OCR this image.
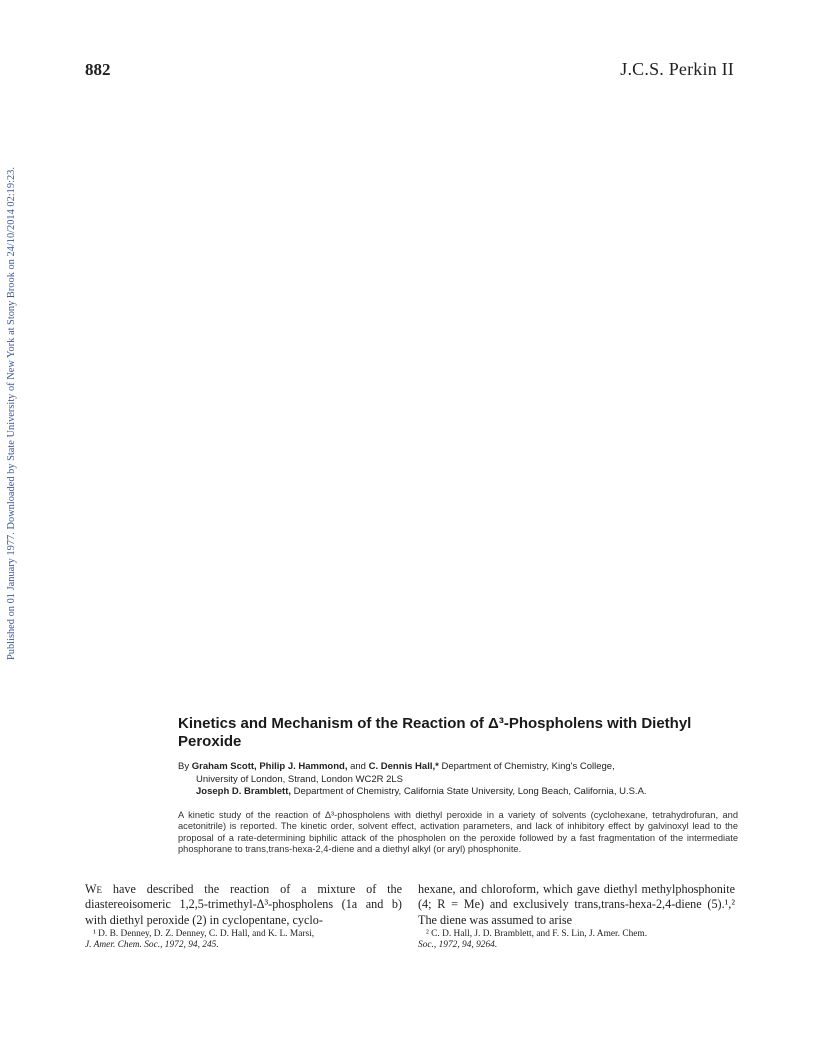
882	J.C.S. Perkin II
Published on 01 January 1977. Downloaded by State University of New York at Stony Brook on 24/10/2014 02:19:23.
Kinetics and Mechanism of the Reaction of Δ³-Phospholens with Diethyl Peroxide
By Graham Scott, Philip J. Hammond, and C. Dennis Hall,* Department of Chemistry, King's College,
University of London, Strand, London WC2R 2LS
Joseph D. Bramblett, Department of Chemistry, California State University, Long Beach, California, U.S.A.
A kinetic study of the reaction of Δ³-phospholens with diethyl peroxide in a variety of solvents (cyclohexane, tetrahydrofuran, and acetonitrile) is reported. The kinetic order, solvent effect, activation parameters, and lack of inhibitory effect by galvinoxyl lead to the proposal of a rate-determining biphilic attack of the phospholen on the peroxide followed by a fast fragmentation of the intermediate phosphorane to trans,trans-hexa-2,4-diene and a diethyl alkyl (or aryl) phosphonite.
We have described the reaction of a mixture of the diastereoisomeric 1,2,5-trimethyl-Δ³-phospholens (1a and b) with diethyl peroxide (2) in cyclopentane, cyclo-
hexane, and chloroform, which gave diethyl methylphosphonite (4; R = Me) and exclusively trans,trans-hexa-2,4-diene (5).¹,² The diene was assumed to arise
¹ D. B. Denney, D. Z. Denney, C. D. Hall, and K. L. Marsi,
J. Amer. Chem. Soc., 1972, 94, 245.
² C. D. Hall, J. D. Bramblett, and F. S. Lin, J. Amer. Chem.
Soc., 1972, 94, 9264.
